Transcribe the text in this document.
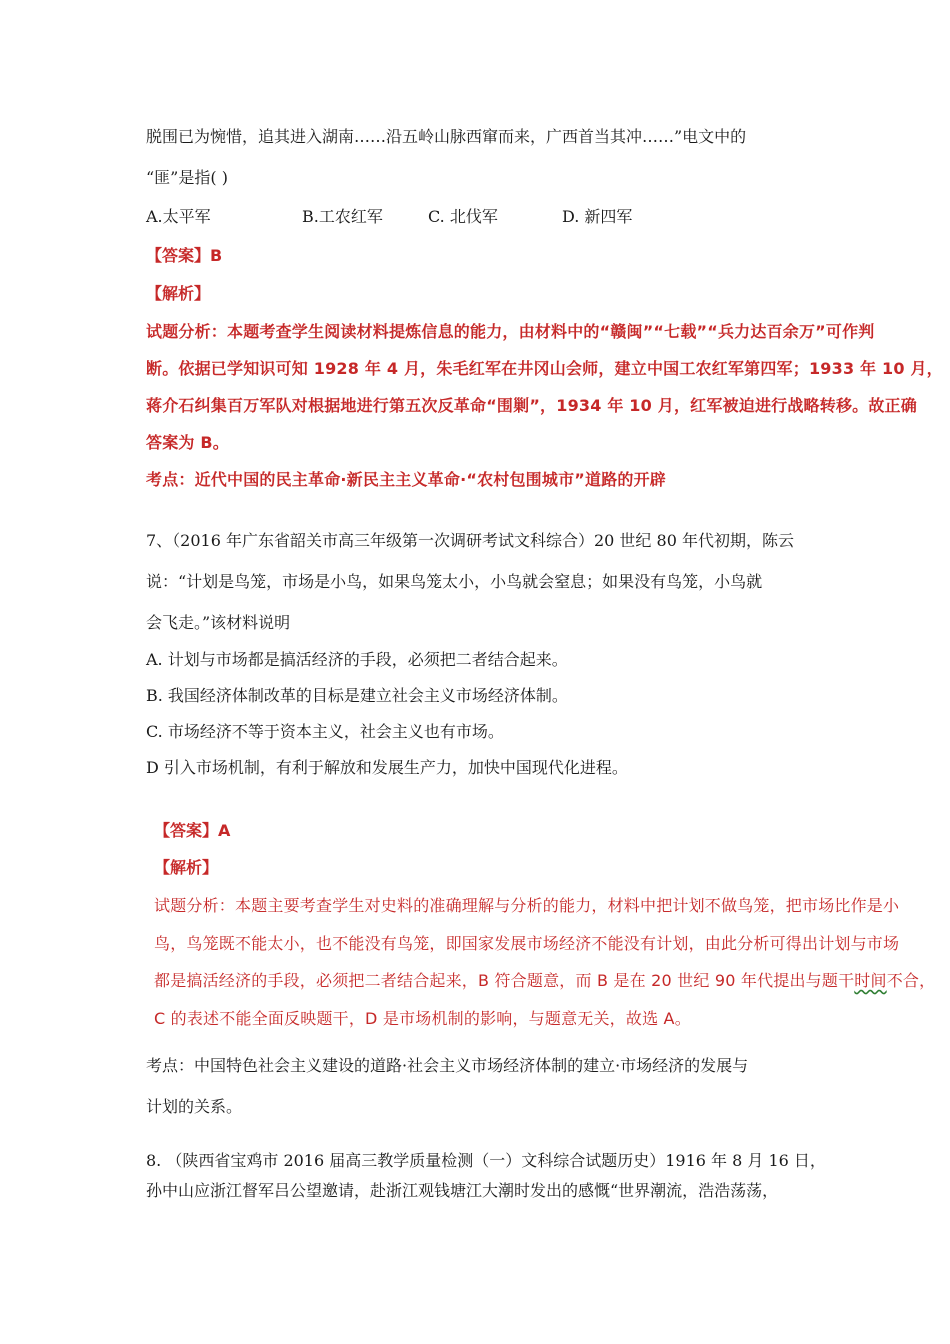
脱围已为惋惜，追其进入湖南……沿五岭山脉西窜而来，广西首当其冲……”电文中的
“匪”是指( )
A.太平军	B.工农红军	C. 北伐军	D. 新四军
【答案】B
【解析】
试题分析：本题考查学生阅读材料提炼信息的能力，由材料中的“赣闽”“七载”“兵力达百余万”可作判
断。依据已学知识可知 1928 年 4 月，朱毛红军在井冈山会师，建立中国工农红军第四军；1933 年 10 月，
蒋介石纠集百万军队对根据地进行第五次反革命“围剿”，1934 年 10 月，红军被迫进行战略转移。故正确
答案为 B。
考点：近代中国的民主革命·新民主主义革命·“农村包围城市”道路的开辟
7、（2016 年广东省韶关市高三年级第一次调研考试文科综合）20 世纪 80 年代初期，陈云
说：“计划是鸟笼，市场是小鸟，如果鸟笼太小，小鸟就会窒息；如果没有鸟笼，小鸟就
会飞走。”该材料说明
A. 计划与市场都是搞活经济的手段，必须把二者结合起来。
B. 我国经济体制改革的目标是建立社会主义市场经济体制。
C. 市场经济不等于资本主义，社会主义也有市场。
D 引入市场机制，有利于解放和发展生产力，加快中国现代化进程。
【答案】A
【解析】
试题分析：本题主要考查学生对史料的准确理解与分析的能力，材料中把计划不做鸟笼，把市场比作是小
鸟，鸟笼既不能太小，也不能没有鸟笼，即国家发展市场经济不能没有计划，由此分析可得出计划与市场
都是搞活经济的手段，必须把二者结合起来，B 符合题意，而 B 是在 20 世纪 90 年代提出与题干时间不合，
C 的表述不能全面反映题干，D 是市场机制的影响，与题意无关，故选 A。
考点：中国特色社会主义建设的道路·社会主义市场经济体制的建立·市场经济的发展与
计划的关系。
8. （陕西省宝鸡市 2016 届高三教学质量检测（一）文科综合试题历史）1916 年 8 月 16 日，
孙中山应浙江督军吕公望邀请，赴浙江观钱塘江大潮时发出的感慨“世界潮流，浩浩荡荡，
